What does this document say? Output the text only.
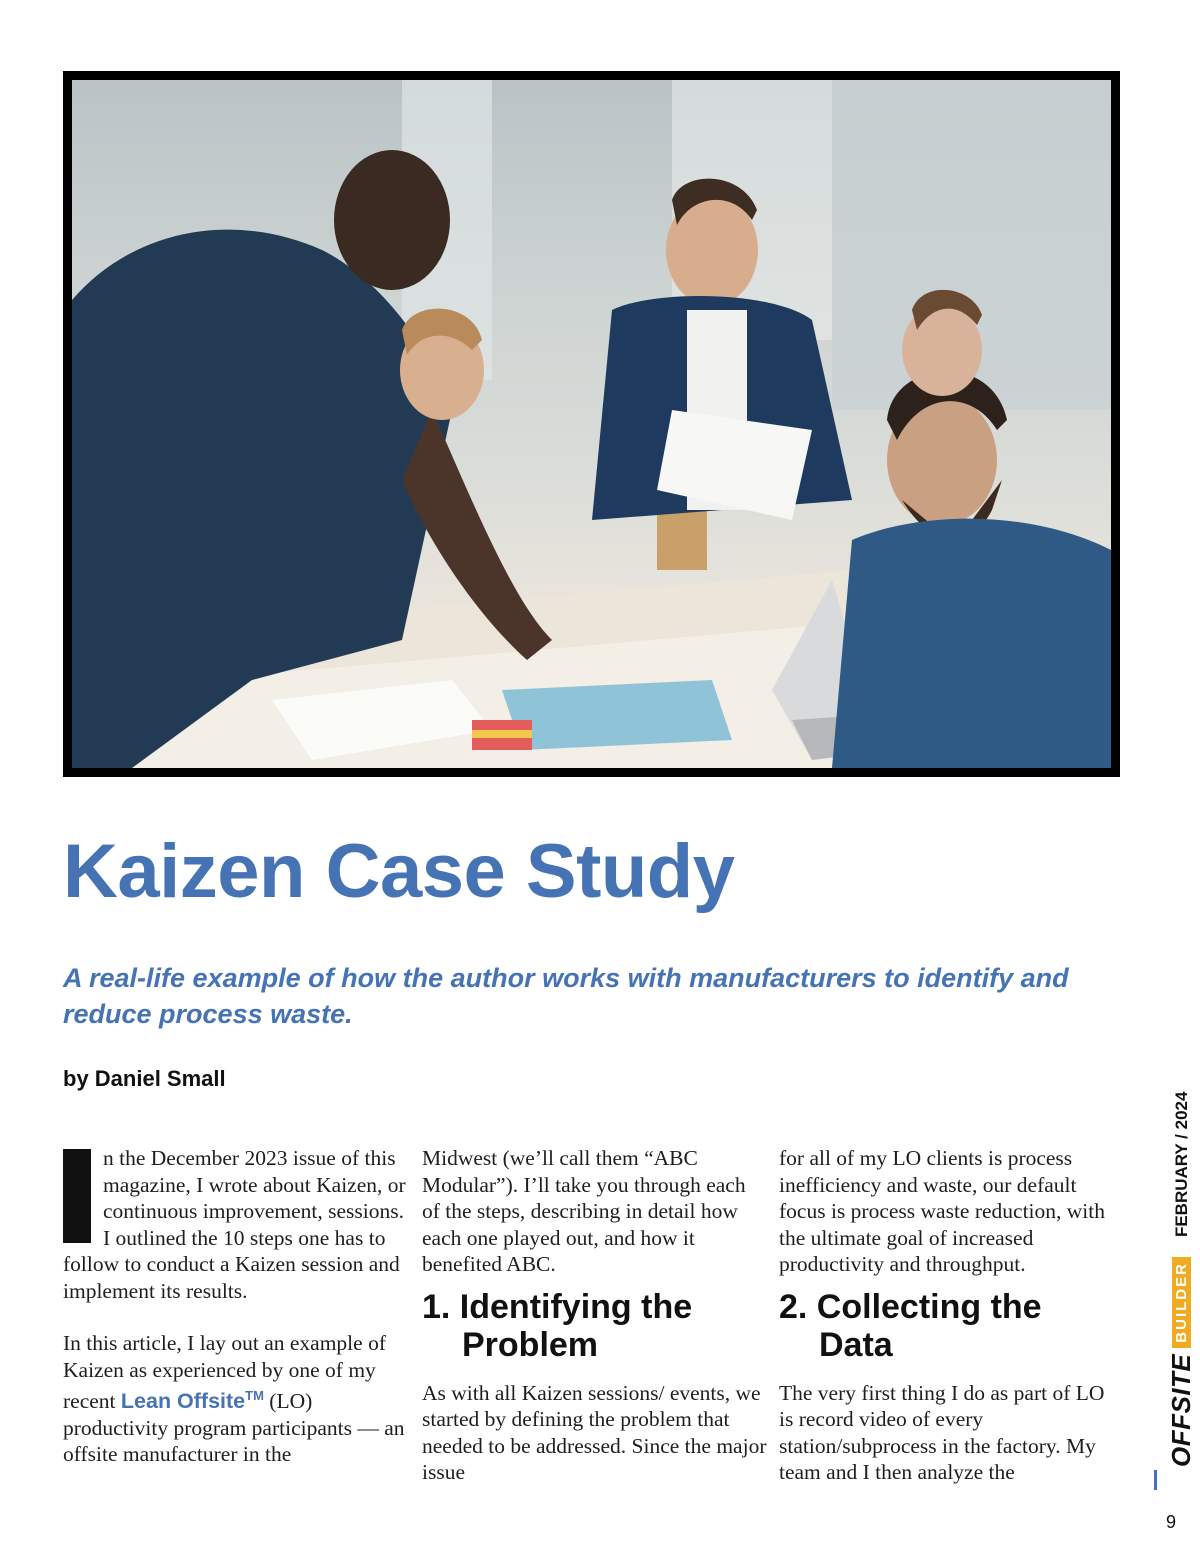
Kaizen Case Study

A real-life example of how the author works with manufacturers to identify and reduce process waste.

by Daniel Small

I n the December 2023 issue of this magazine, I wrote about Kaizen, or continuous improvement, sessions. I outlined the 10 steps one has to follow to conduct a Kaizen session and implement its results.

In this article, I lay out an example of Kaizen as experienced by one of my recent Lean Offsite™ (LO) productivity program participants — an offsite manufacturer in the

Midwest (we’ll call them “ABC Modular”). I’ll take you through each of the steps, describing in detail how each one played out, and how it benefited ABC.

1. Identifying the
Problem

As with all Kaizen sessions/ events, we started by defining the problem that needed to be addressed. Since the major issue

for all of my LO clients is process inefficiency and waste, our default focus is process waste reduction, with the ultimate goal of increased productivity and throughput.

2. Collecting the
Data

The very first thing I do as part of LO is record video of every station/subprocess in the factory. My team and I then analyze the

OFFSITEBUILDERFEBRUARY / 2024
9
